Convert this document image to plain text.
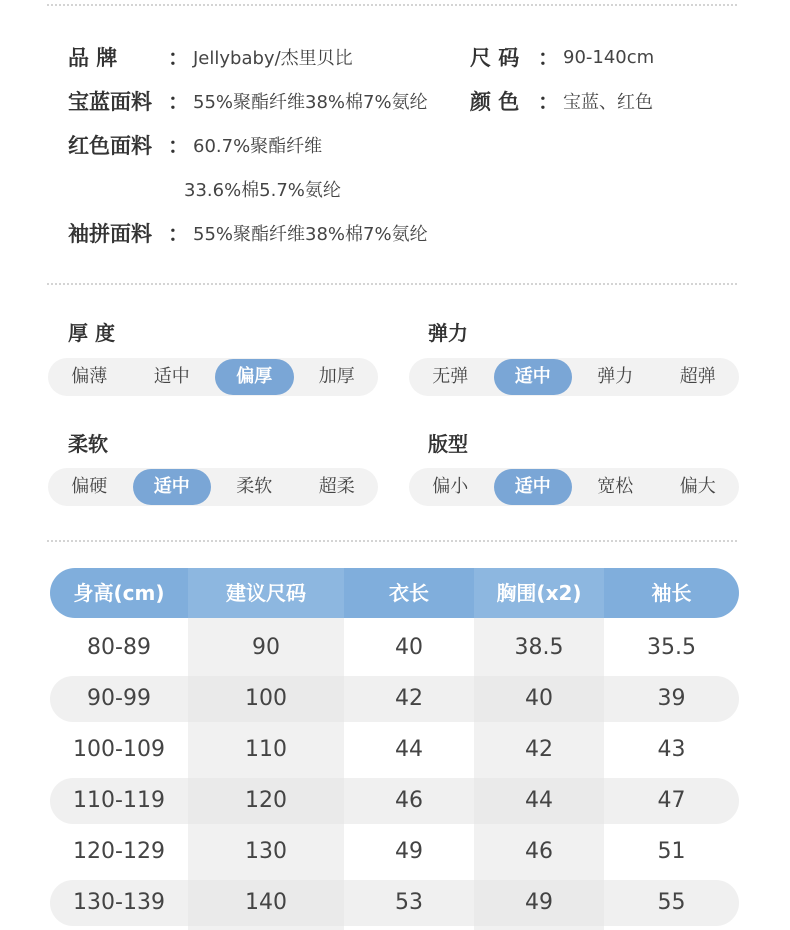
品 牌	： Jellybaby/杰里贝比	尺 码 ： 90-140cm
宝蓝面料 ： 55%聚酯纤维38%棉7%氨纶 颜 色 ： 宝蓝、红色
红色面料 ： 60.7%聚酯纤维
33.6%棉5.7%氨纶
袖拼面料 ： 55%聚酯纤维38%棉7%氨纶
厚 度
偏薄	适中	偏厚	加厚
弹力
无弹	适中	弹力	超弹
柔软
偏硬	适中	柔软	超柔
版型
偏小	适中	宽松	偏大
身高(cm)	建议尺码	衣长	胸围(x2)	袖长
80-89	90	40	38.5	35.5
90-99	100	42	40	39
100-109	110	44	42	43
110-119	120	46	44	47
120-129	130	49	46	51
130-139	140	53	49	55
